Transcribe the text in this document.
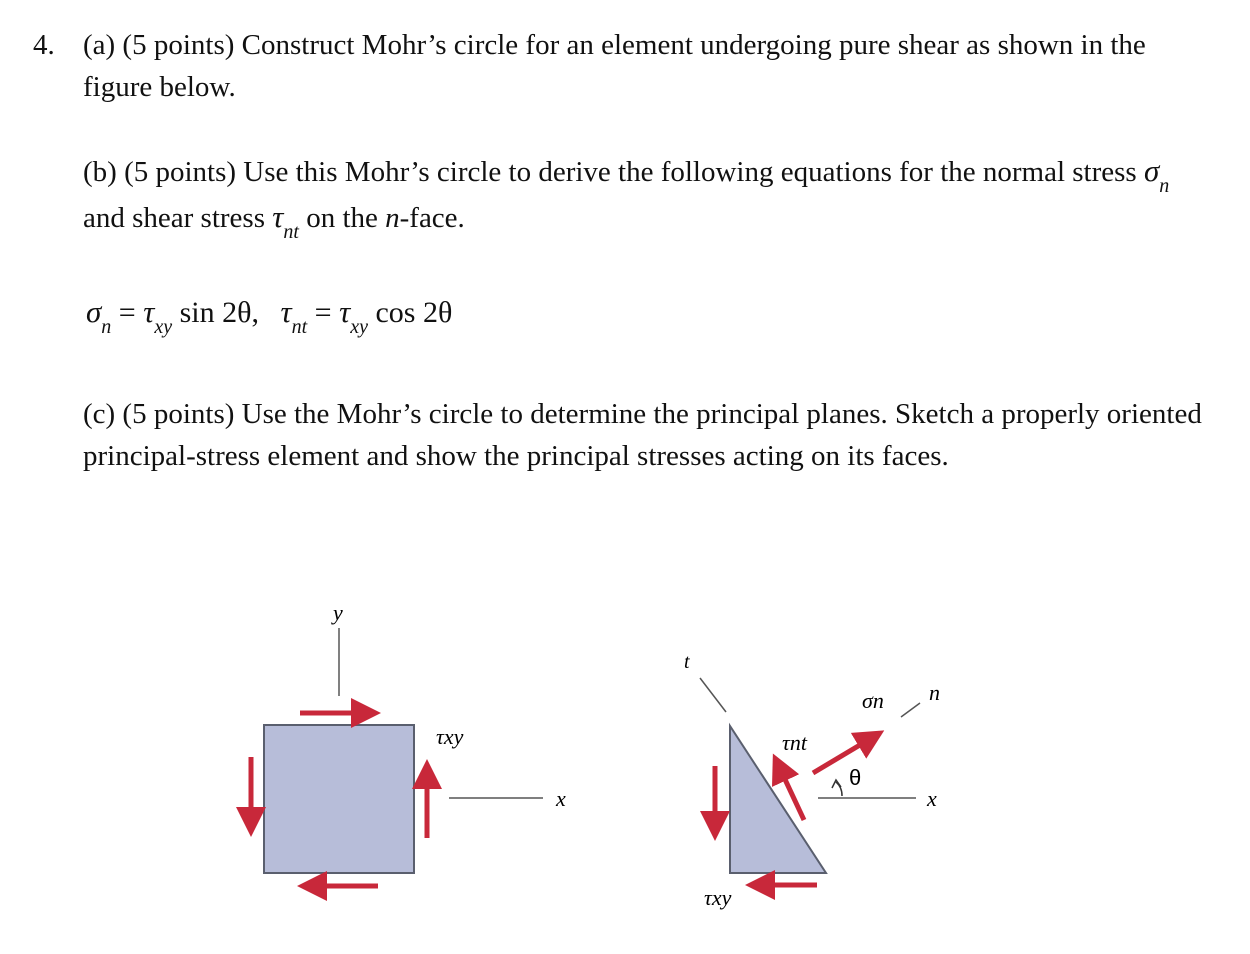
4. (a) (5 points) Construct Mohr’s circle for an element undergoing pure shear as shown in the figure below.
(b) (5 points) Use this Mohr’s circle to derive the following equations for the normal stress $\sigma_n$ and shear stress $\tau_{nt}$ on the n-face.
$\sigma_n = \tau_{xy}$ sin 2θ, $\tau_{nt} = \tau_{xy}$ cos 2θ
(c) (5 points) Use the Mohr’s circle to determine the principal planes. Sketch a properly oriented principal-stress element and show the principal stresses acting on its faces.
y
τxy
x
t
τnt
σn n
x
θ
τxy
